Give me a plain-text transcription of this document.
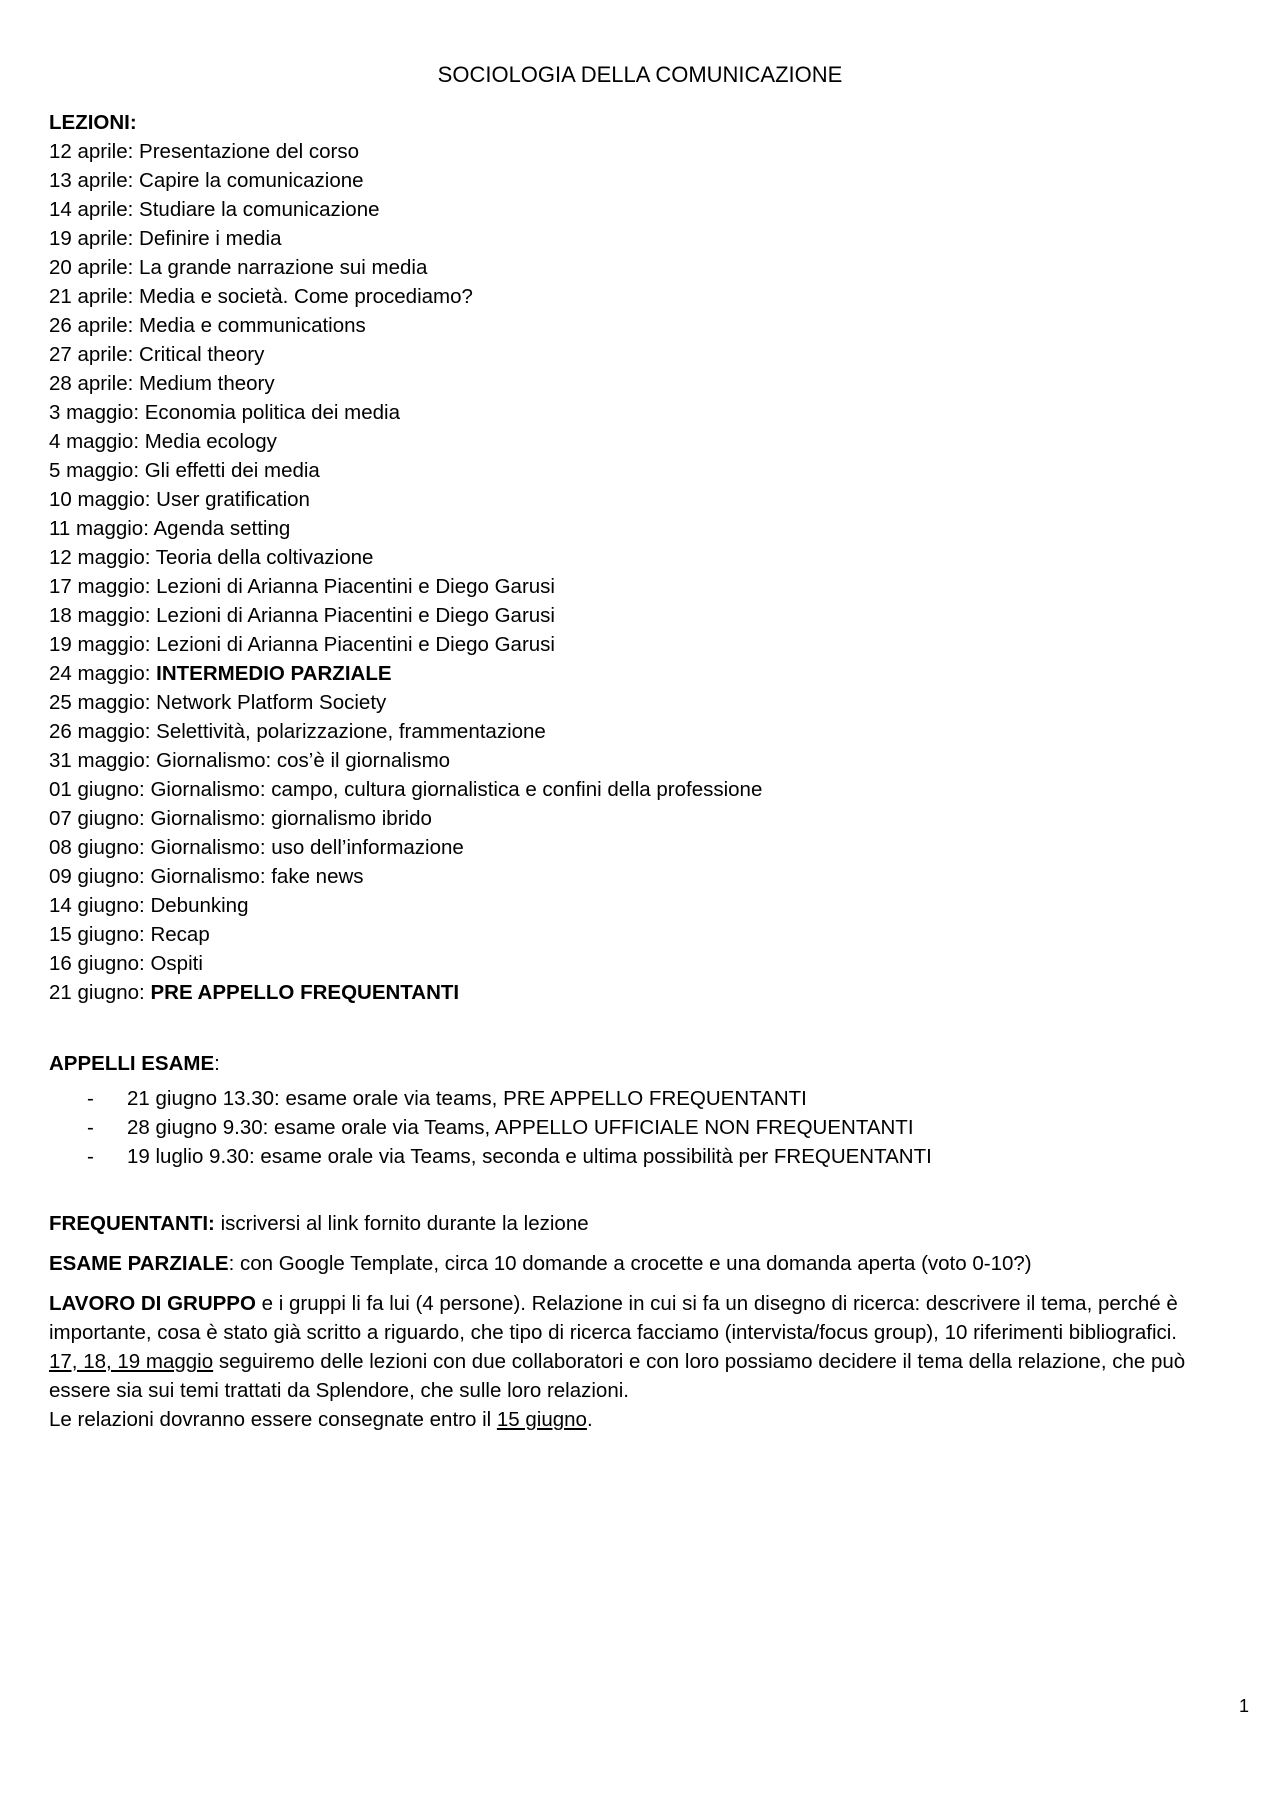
SOCIOLOGIA DELLA COMUNICAZIONE
LEZIONI:
12 aprile: Presentazione del corso
13 aprile: Capire la comunicazione
14 aprile: Studiare la comunicazione
19 aprile: Definire i media
20 aprile: La grande narrazione sui media
21 aprile: Media e società. Come procediamo?
26 aprile: Media e communications
27 aprile: Critical theory
28 aprile: Medium theory
3 maggio: Economia politica dei media
4 maggio: Media ecology
5 maggio: Gli effetti dei media
10 maggio: User gratification
11 maggio: Agenda setting
12 maggio: Teoria della coltivazione
17 maggio: Lezioni di Arianna Piacentini e Diego Garusi
18 maggio: Lezioni di Arianna Piacentini e Diego Garusi
19 maggio: Lezioni di Arianna Piacentini e Diego Garusi
24 maggio: INTERMEDIO PARZIALE
25 maggio: Network Platform Society
26 maggio: Selettività, polarizzazione, frammentazione
31 maggio: Giornalismo: cos’è il giornalismo
01 giugno: Giornalismo: campo, cultura giornalistica e confini della professione
07 giugno: Giornalismo: giornalismo ibrido
08 giugno: Giornalismo: uso dell’informazione
09 giugno: Giornalismo: fake news
14 giugno: Debunking
15 giugno: Recap
16 giugno: Ospiti
21 giugno: PRE APPELLO FREQUENTANTI
APPELLI ESAME:
- 21 giugno 13.30: esame orale via teams, PRE APPELLO FREQUENTANTI
- 28 giugno 9.30: esame orale via Teams, APPELLO UFFICIALE NON FREQUENTANTI
- 19 luglio 9.30: esame orale via Teams, seconda e ultima possibilità per FREQUENTANTI
FREQUENTANTI: iscriversi al link fornito durante la lezione
ESAME PARZIALE: con Google Template, circa 10 domande a crocette e una domanda aperta (voto 0-10?)
LAVORO DI GRUPPO e i gruppi li fa lui (4 persone). Relazione in cui si fa un disegno di ricerca: descrivere il tema, perché è importante, cosa è stato già scritto a riguardo, che tipo di ricerca facciamo (intervista/focus group), 10 riferimenti bibliografici.
17, 18, 19 maggio seguiremo delle lezioni con due collaboratori e con loro possiamo decidere il tema della relazione, che può essere sia sui temi trattati da Splendore, che sulle loro relazioni.
Le relazioni dovranno essere consegnate entro il 15 giugno.
1
